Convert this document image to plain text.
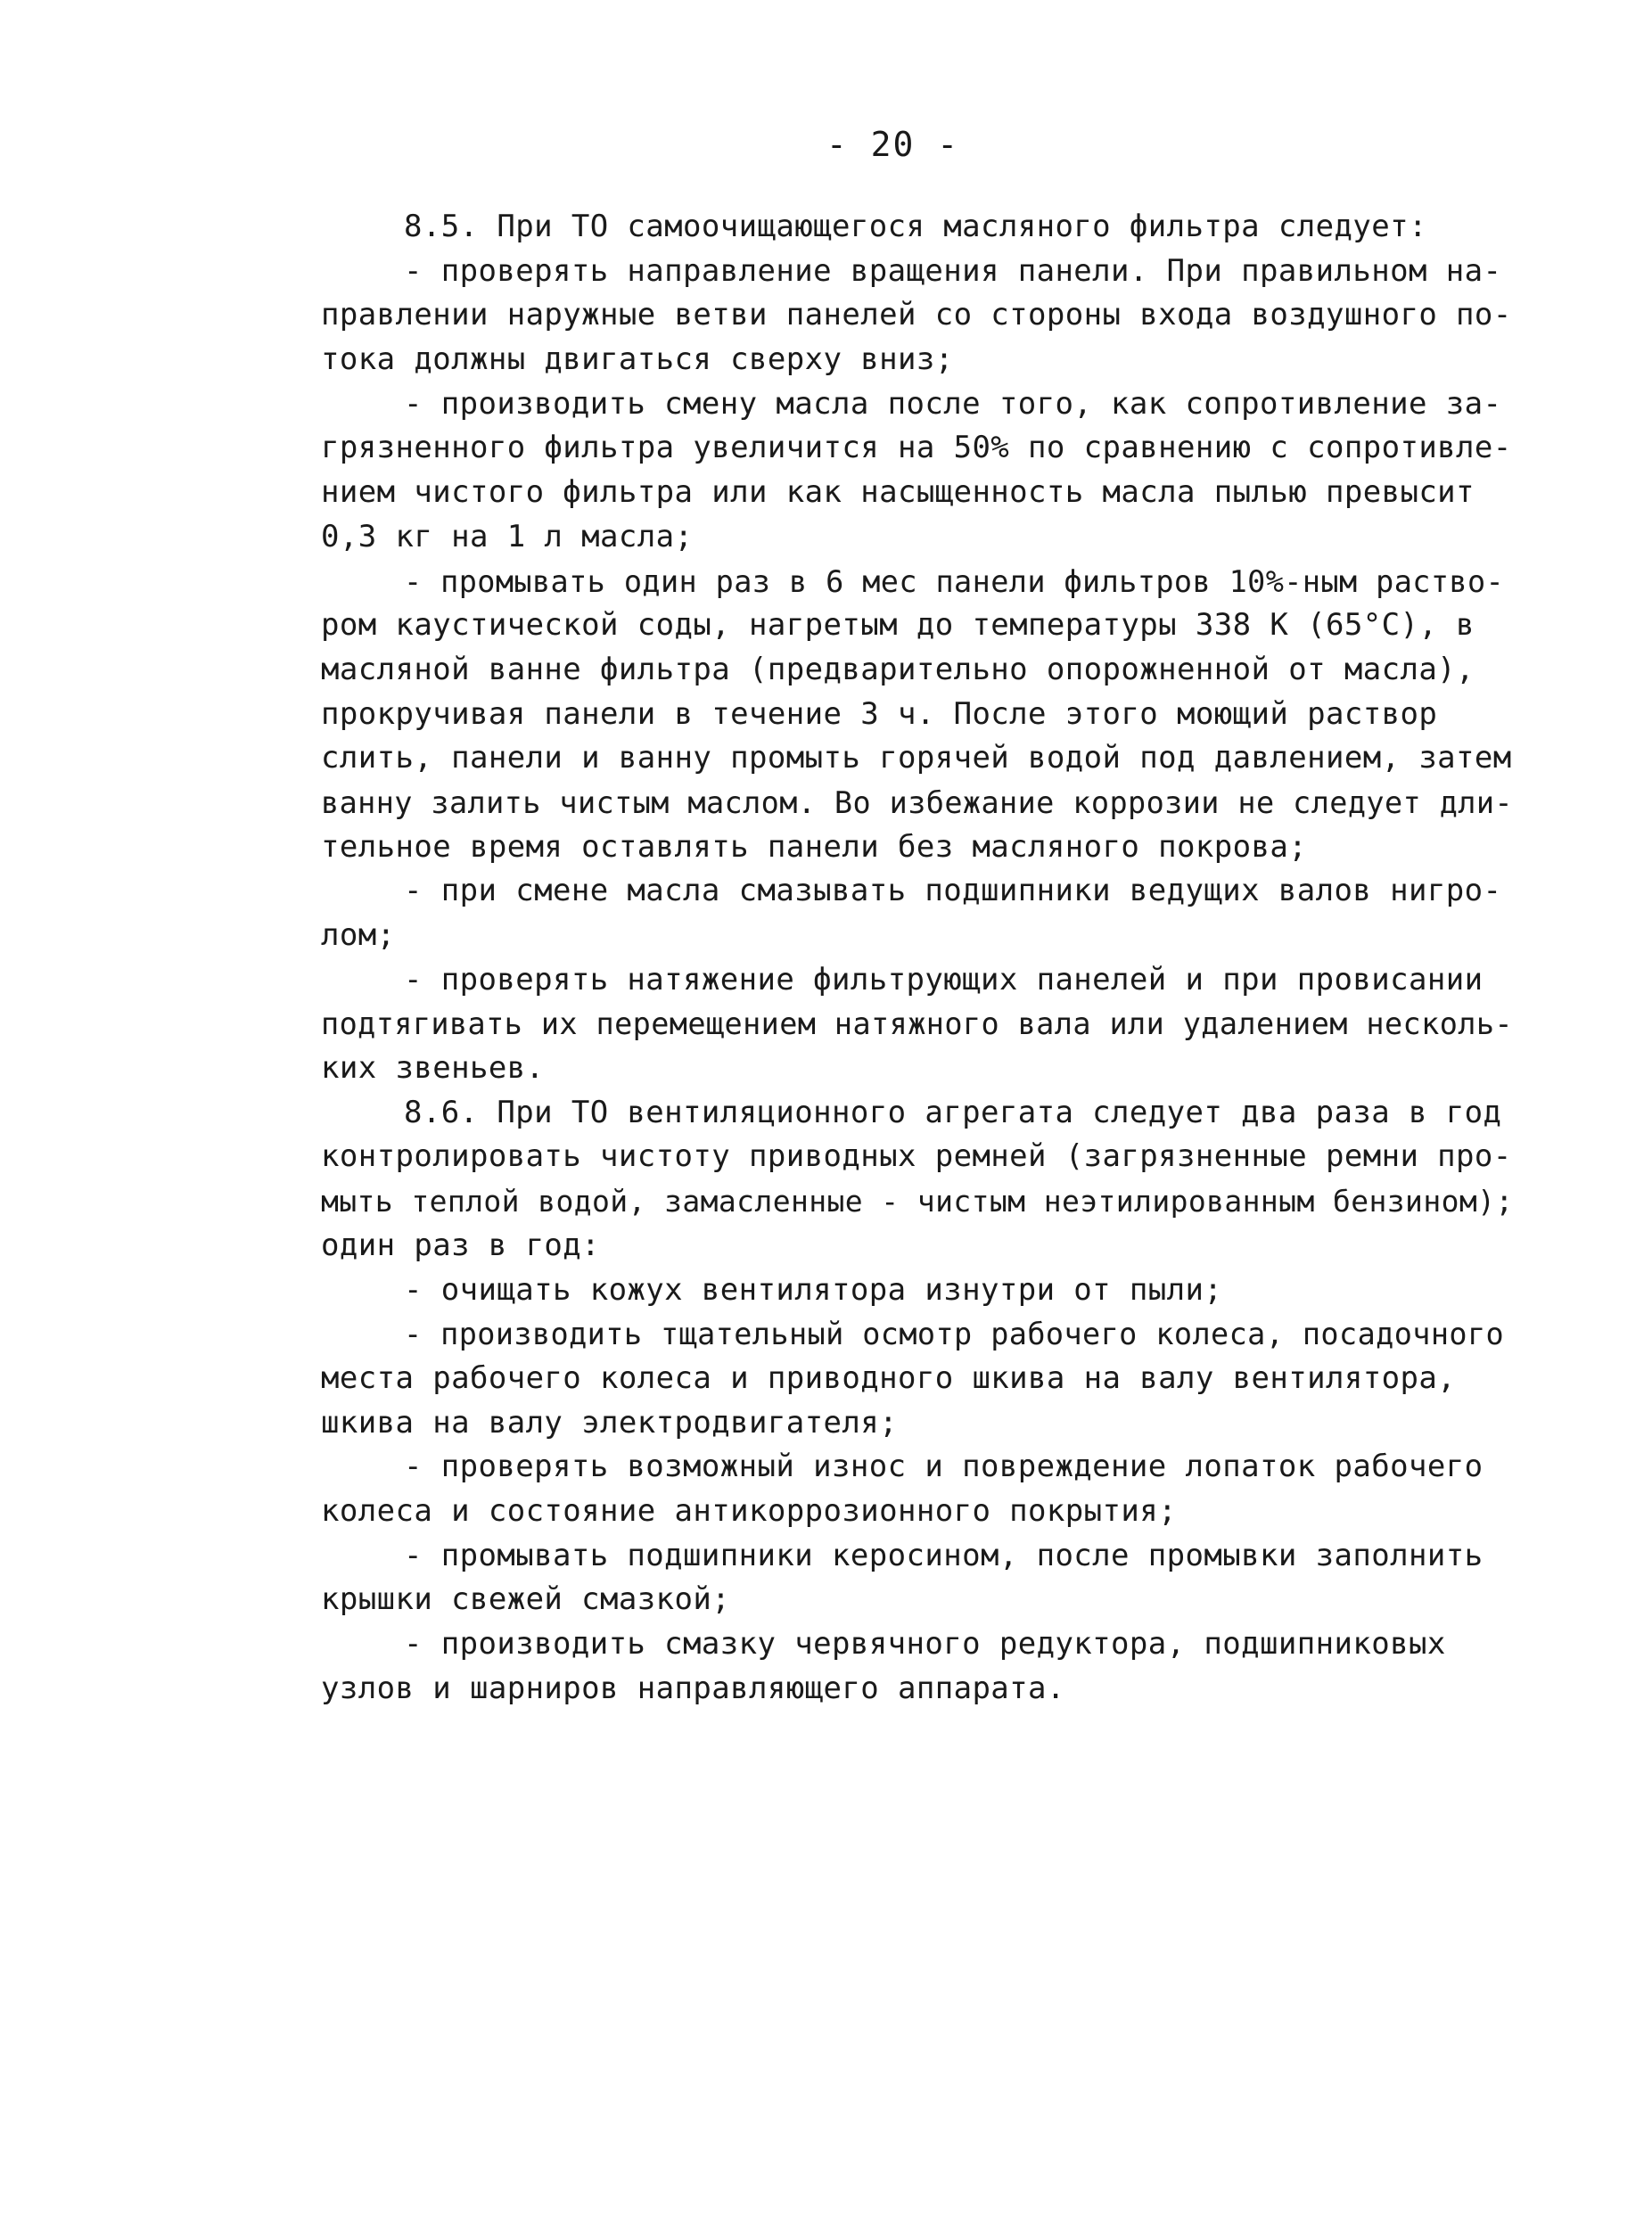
- 20 -
8.5. При ТО самоочищающегося масляного фильтра следует:
- проверять направление вращения панели. При правильном на-
правлении наружные ветви панелей со стороны входа воздушного по-
тока должны двигаться сверху вниз;
- производить смену масла после того, как сопротивление за-
грязненного фильтра увеличится на 50% по сравнению с сопротивле-
нием чистого фильтра или как насыщенность масла пылью превысит
0,3 кг на 1 л масла;
- промывать один раз в 6 мес панели фильтров 10%-ным раство-
ром каустической соды, нагретым до температуры 338 К (65°С), в
масляной ванне фильтра (предварительно опорожненной от масла),
прокручивая панели в течение 3 ч. После этого моющий раствор
слить, панели и ванну промыть горячей водой под давлением, затем
ванну залить чистым маслом. Во избежание коррозии не следует дли-
тельное время оставлять панели без масляного покрова;
- при смене масла смазывать подшипники ведущих валов нигро-
лом;
- проверять натяжение фильтрующих панелей и при провисании
подтягивать их перемещением натяжного вала или удалением несколь-
ких звеньев.
8.6. При ТО вентиляционного агрегата следует два раза в год
контролировать чистоту приводных ремней (загрязненные ремни про-
мыть теплой водой, замасленные - чистым неэтилированным бензином);
один раз в год:
- очищать кожух вентилятора изнутри от пыли;
- производить тщательный осмотр рабочего колеса, посадочного
места рабочего колеса и приводного шкива на валу вентилятора,
шкива на валу электродвигателя;
- проверять возможный износ и повреждение лопаток рабочего
колеса и состояние антикоррозионного покрытия;
- промывать подшипники керосином, после промывки заполнить
крышки свежей смазкой;
- производить смазку червячного редуктора, подшипниковых
узлов и шарниров направляющего аппарата.
